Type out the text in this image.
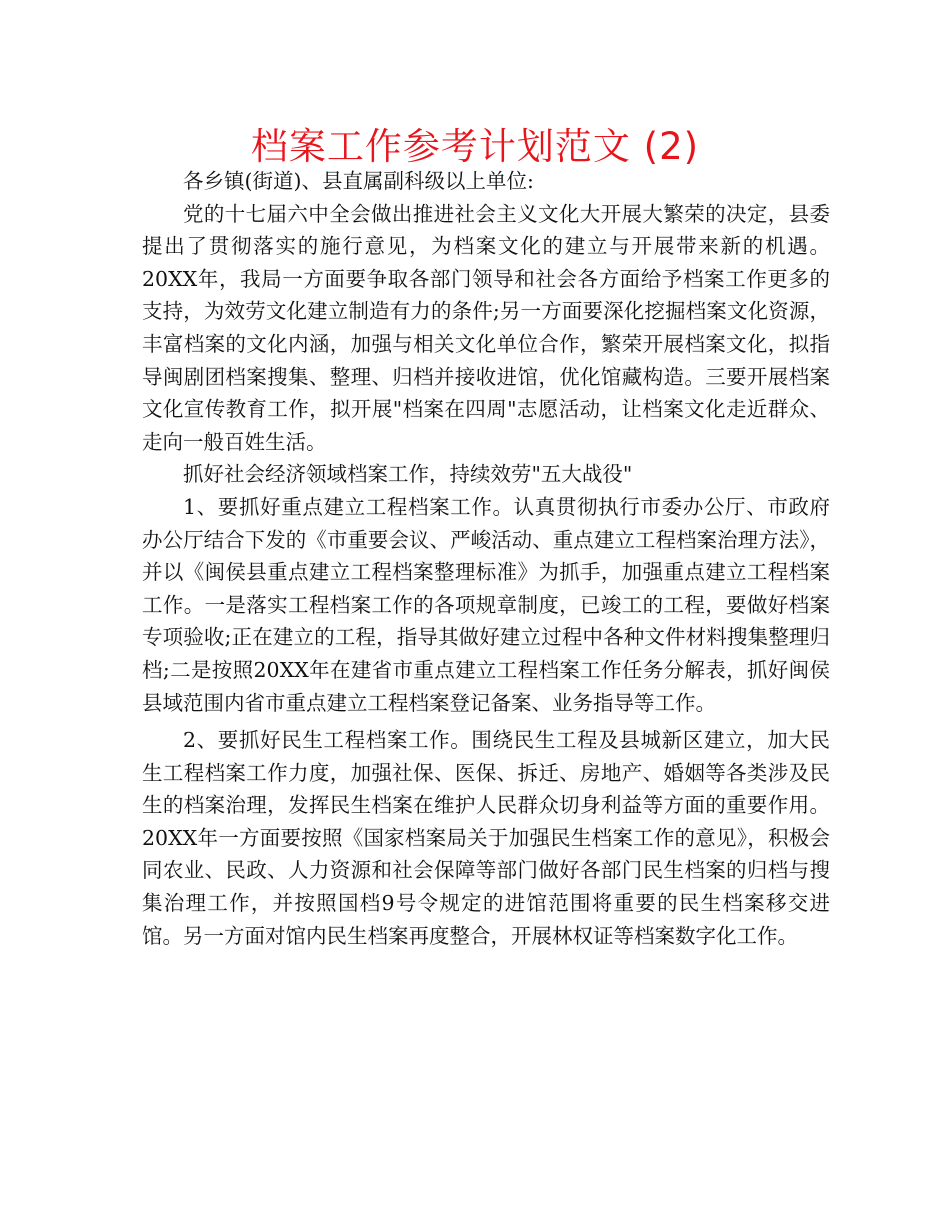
档案工作参考计划范文 (2)

各乡镇(街道)、县直属副科级以上单位:

党的十七届六中全会做出推进社会主义文化大开展大繁荣的决定，县委提出了贯彻落实的施行意见，为档案文化的建立与开展带来新的机遇。20XX年，我局一方面要争取各部门领导和社会各方面给予档案工作更多的支持，为效劳文化建立制造有力的条件;另一方面要深化挖掘档案文化资源，丰富档案的文化内涵，加强与相关文化单位合作，繁荣开展档案文化，拟指导闽剧团档案搜集、整理、归档并接收进馆，优化馆藏构造。三要开展档案文化宣传教育工作，拟开展"档案在四周"志愿活动，让档案文化走近群众、走向一般百姓生活。

抓好社会经济领域档案工作，持续效劳"五大战役"

1、要抓好重点建立工程档案工作。认真贯彻执行市委办公厅、市政府办公厅结合下发的《市重要会议、严峻活动、重点建立工程档案治理方法》，并以《闽侯县重点建立工程档案整理标准》为抓手，加强重点建立工程档案工作。一是落实工程档案工作的各项规章制度，已竣工的工程，要做好档案专项验收;正在建立的工程，指导其做好建立过程中各种文件材料搜集整理归档;二是按照20XX年在建省市重点建立工程档案工作任务分解表，抓好闽侯县域范围内省市重点建立工程档案登记备案、业务指导等工作。

2、要抓好民生工程档案工作。围绕民生工程及县城新区建立，加大民生工程档案工作力度，加强社保、医保、拆迁、房地产、婚姻等各类涉及民生的档案治理，发挥民生档案在维护人民群众切身利益等方面的重要作用。20XX年一方面要按照《国家档案局关于加强民生档案工作的意见》，积极会同农业、民政、人力资源和社会保障等部门做好各部门民生档案的归档与搜集治理工作，并按照国档9号令规定的进馆范围将重要的民生档案移交进馆。另一方面对馆内民生档案再度整合，开展林权证等档案数字化工作。
